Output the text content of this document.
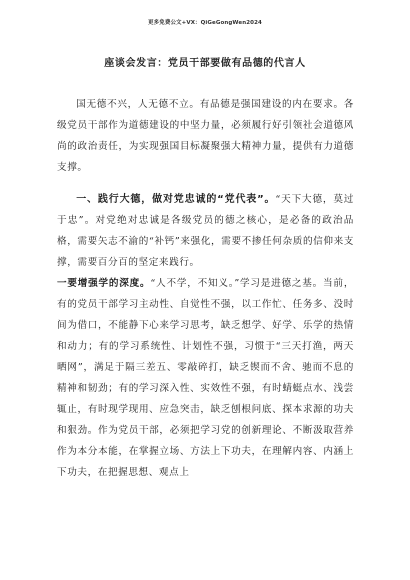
更多免费公文+VX：QiGeGongWen2024
座谈会发言：党员干部要做有品德的代言人

国无德不兴，人无德不立。有品德是强国建设的内在要求。各级党员干部作为道德建设的中坚力量，必须履行好引领社会道德风尚的政治责任，为实现强国目标凝聚强大精神力量，提供有力道德支撑。

一、践行大德，做对党忠诚的“党代表”。“天下大德，莫过于忠”。对党绝对忠诚是各级党员的德之核心，是必备的政治品格，需要矢志不渝的“补钙”来强化，需要不掺任何杂质的信仰来支撑，需要百分百的坚定来践行。

一要增强学的深度。“人不学，不知义。”学习是进德之基。当前，有的党员干部学习主动性、自觉性不强，以工作忙、任务多、没时间为借口，不能静下心来学习思考，缺乏想学、好学、乐学的热情和动力；有的学习系统性、计划性不强，习惯于“三天打渔，两天晒网”，满足于隔三差五、零敲碎打，缺乏锲而不舍、驰而不息的精神和韧劲；有的学习深入性、实效性不强，有时蜻蜓点水、浅尝辄止，有时现学现用、应急突击，缺乏刨根问底、探本求源的功夫和狠劲。作为党员干部，必须把学习党的创新理论、不断汲取营养作为本分本能，在掌握立场、方法上下功夫，在理解内容、内涵上下功夫，在把握思想、观点上
